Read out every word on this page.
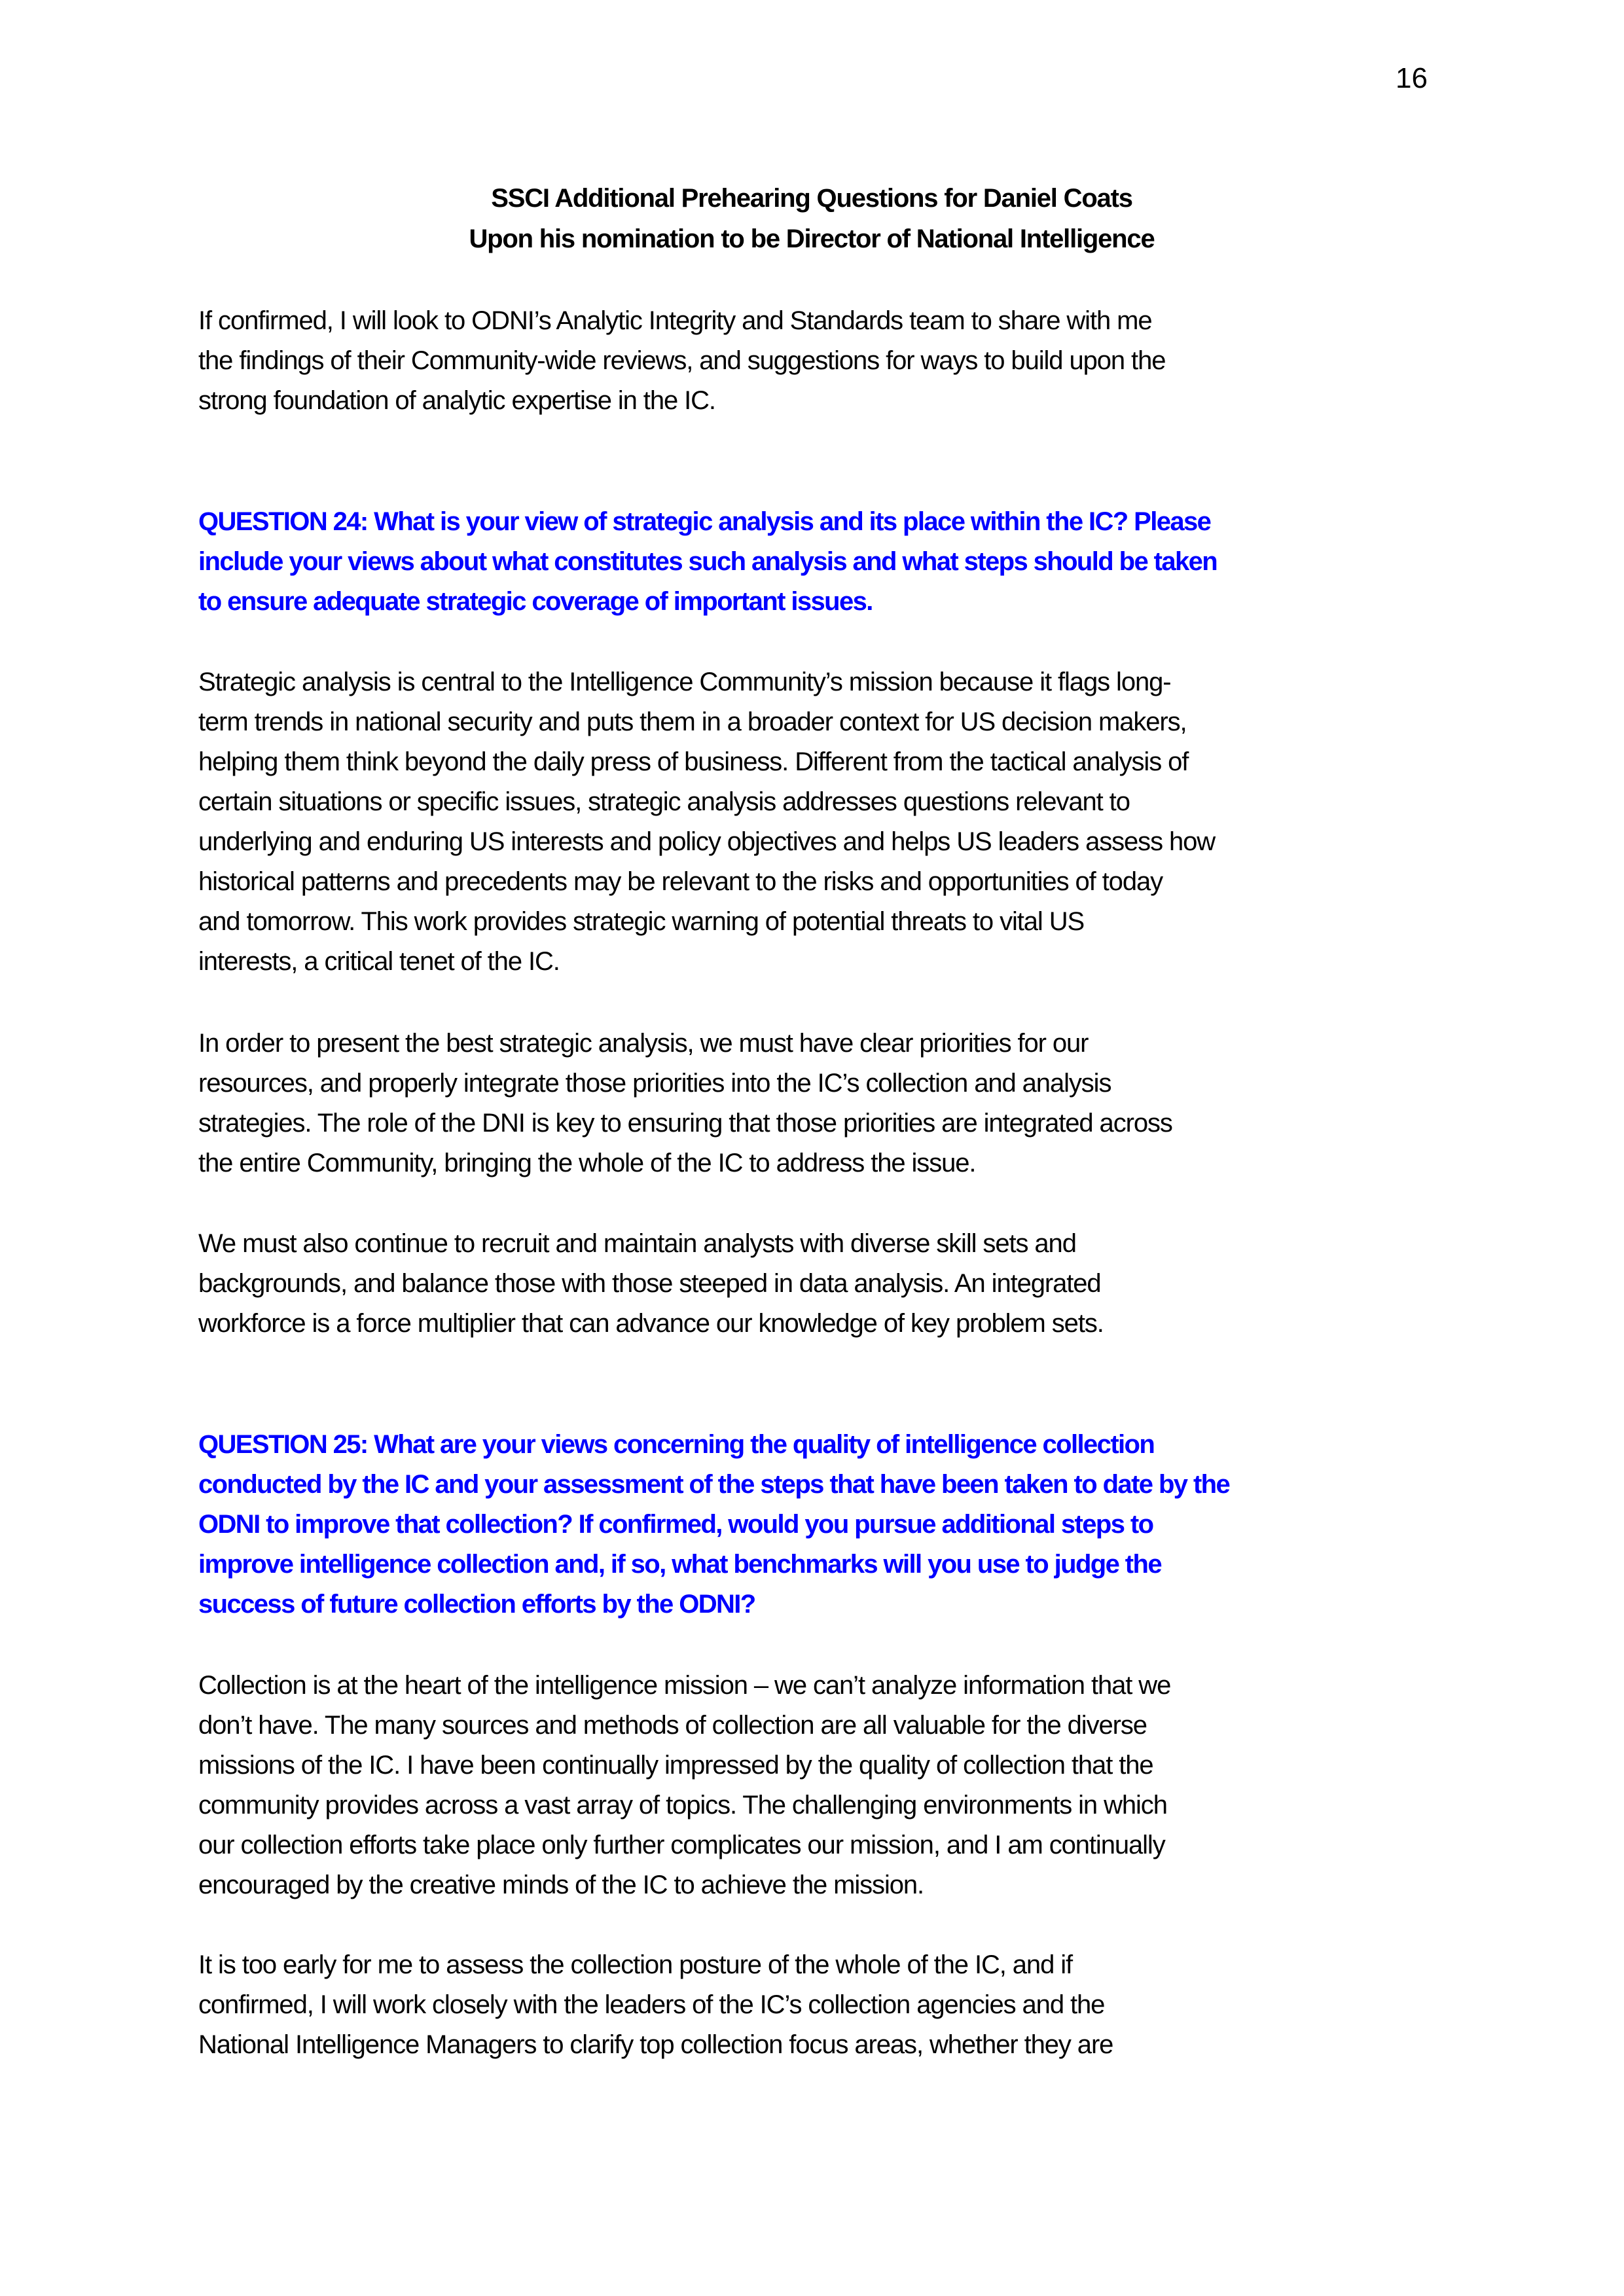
16
SSCI Additional Prehearing Questions for Daniel Coats
Upon his nomination to be Director of National Intelligence
If confirmed, I will look to ODNI’s Analytic Integrity and Standards team to share with me
the findings of their Community-wide reviews, and suggestions for ways to build upon the
strong foundation of analytic expertise in the IC.
QUESTION 24: What is your view of strategic analysis and its place within the IC? Please
include your views about what constitutes such analysis and what steps should be taken
to ensure adequate strategic coverage of important issues.
Strategic analysis is central to the Intelligence Community’s mission because it flags long-
term trends in national security and puts them in a broader context for US decision makers,
helping them think beyond the daily press of business. Different from the tactical analysis of
certain situations or specific issues, strategic analysis addresses questions relevant to
underlying and enduring US interests and policy objectives and helps US leaders assess how
historical patterns and precedents may be relevant to the risks and opportunities of today
and tomorrow. This work provides strategic warning of potential threats to vital US
interests, a critical tenet of the IC.
In order to present the best strategic analysis, we must have clear priorities for our
resources, and properly integrate those priorities into the IC’s collection and analysis
strategies. The role of the DNI is key to ensuring that those priorities are integrated across
the entire Community, bringing the whole of the IC to address the issue.
We must also continue to recruit and maintain analysts with diverse skill sets and
backgrounds, and balance those with those steeped in data analysis. An integrated
workforce is a force multiplier that can advance our knowledge of key problem sets.
QUESTION 25: What are your views concerning the quality of intelligence collection
conducted by the IC and your assessment of the steps that have been taken to date by the
ODNI to improve that collection? If confirmed, would you pursue additional steps to
improve intelligence collection and, if so, what benchmarks will you use to judge the
success of future collection efforts by the ODNI?
Collection is at the heart of the intelligence mission – we can’t analyze information that we
don’t have. The many sources and methods of collection are all valuable for the diverse
missions of the IC. I have been continually impressed by the quality of collection that the
community provides across a vast array of topics. The challenging environments in which
our collection efforts take place only further complicates our mission, and I am continually
encouraged by the creative minds of the IC to achieve the mission.
It is too early for me to assess the collection posture of the whole of the IC, and if
confirmed, I will work closely with the leaders of the IC’s collection agencies and the
National Intelligence Managers to clarify top collection focus areas, whether they are
